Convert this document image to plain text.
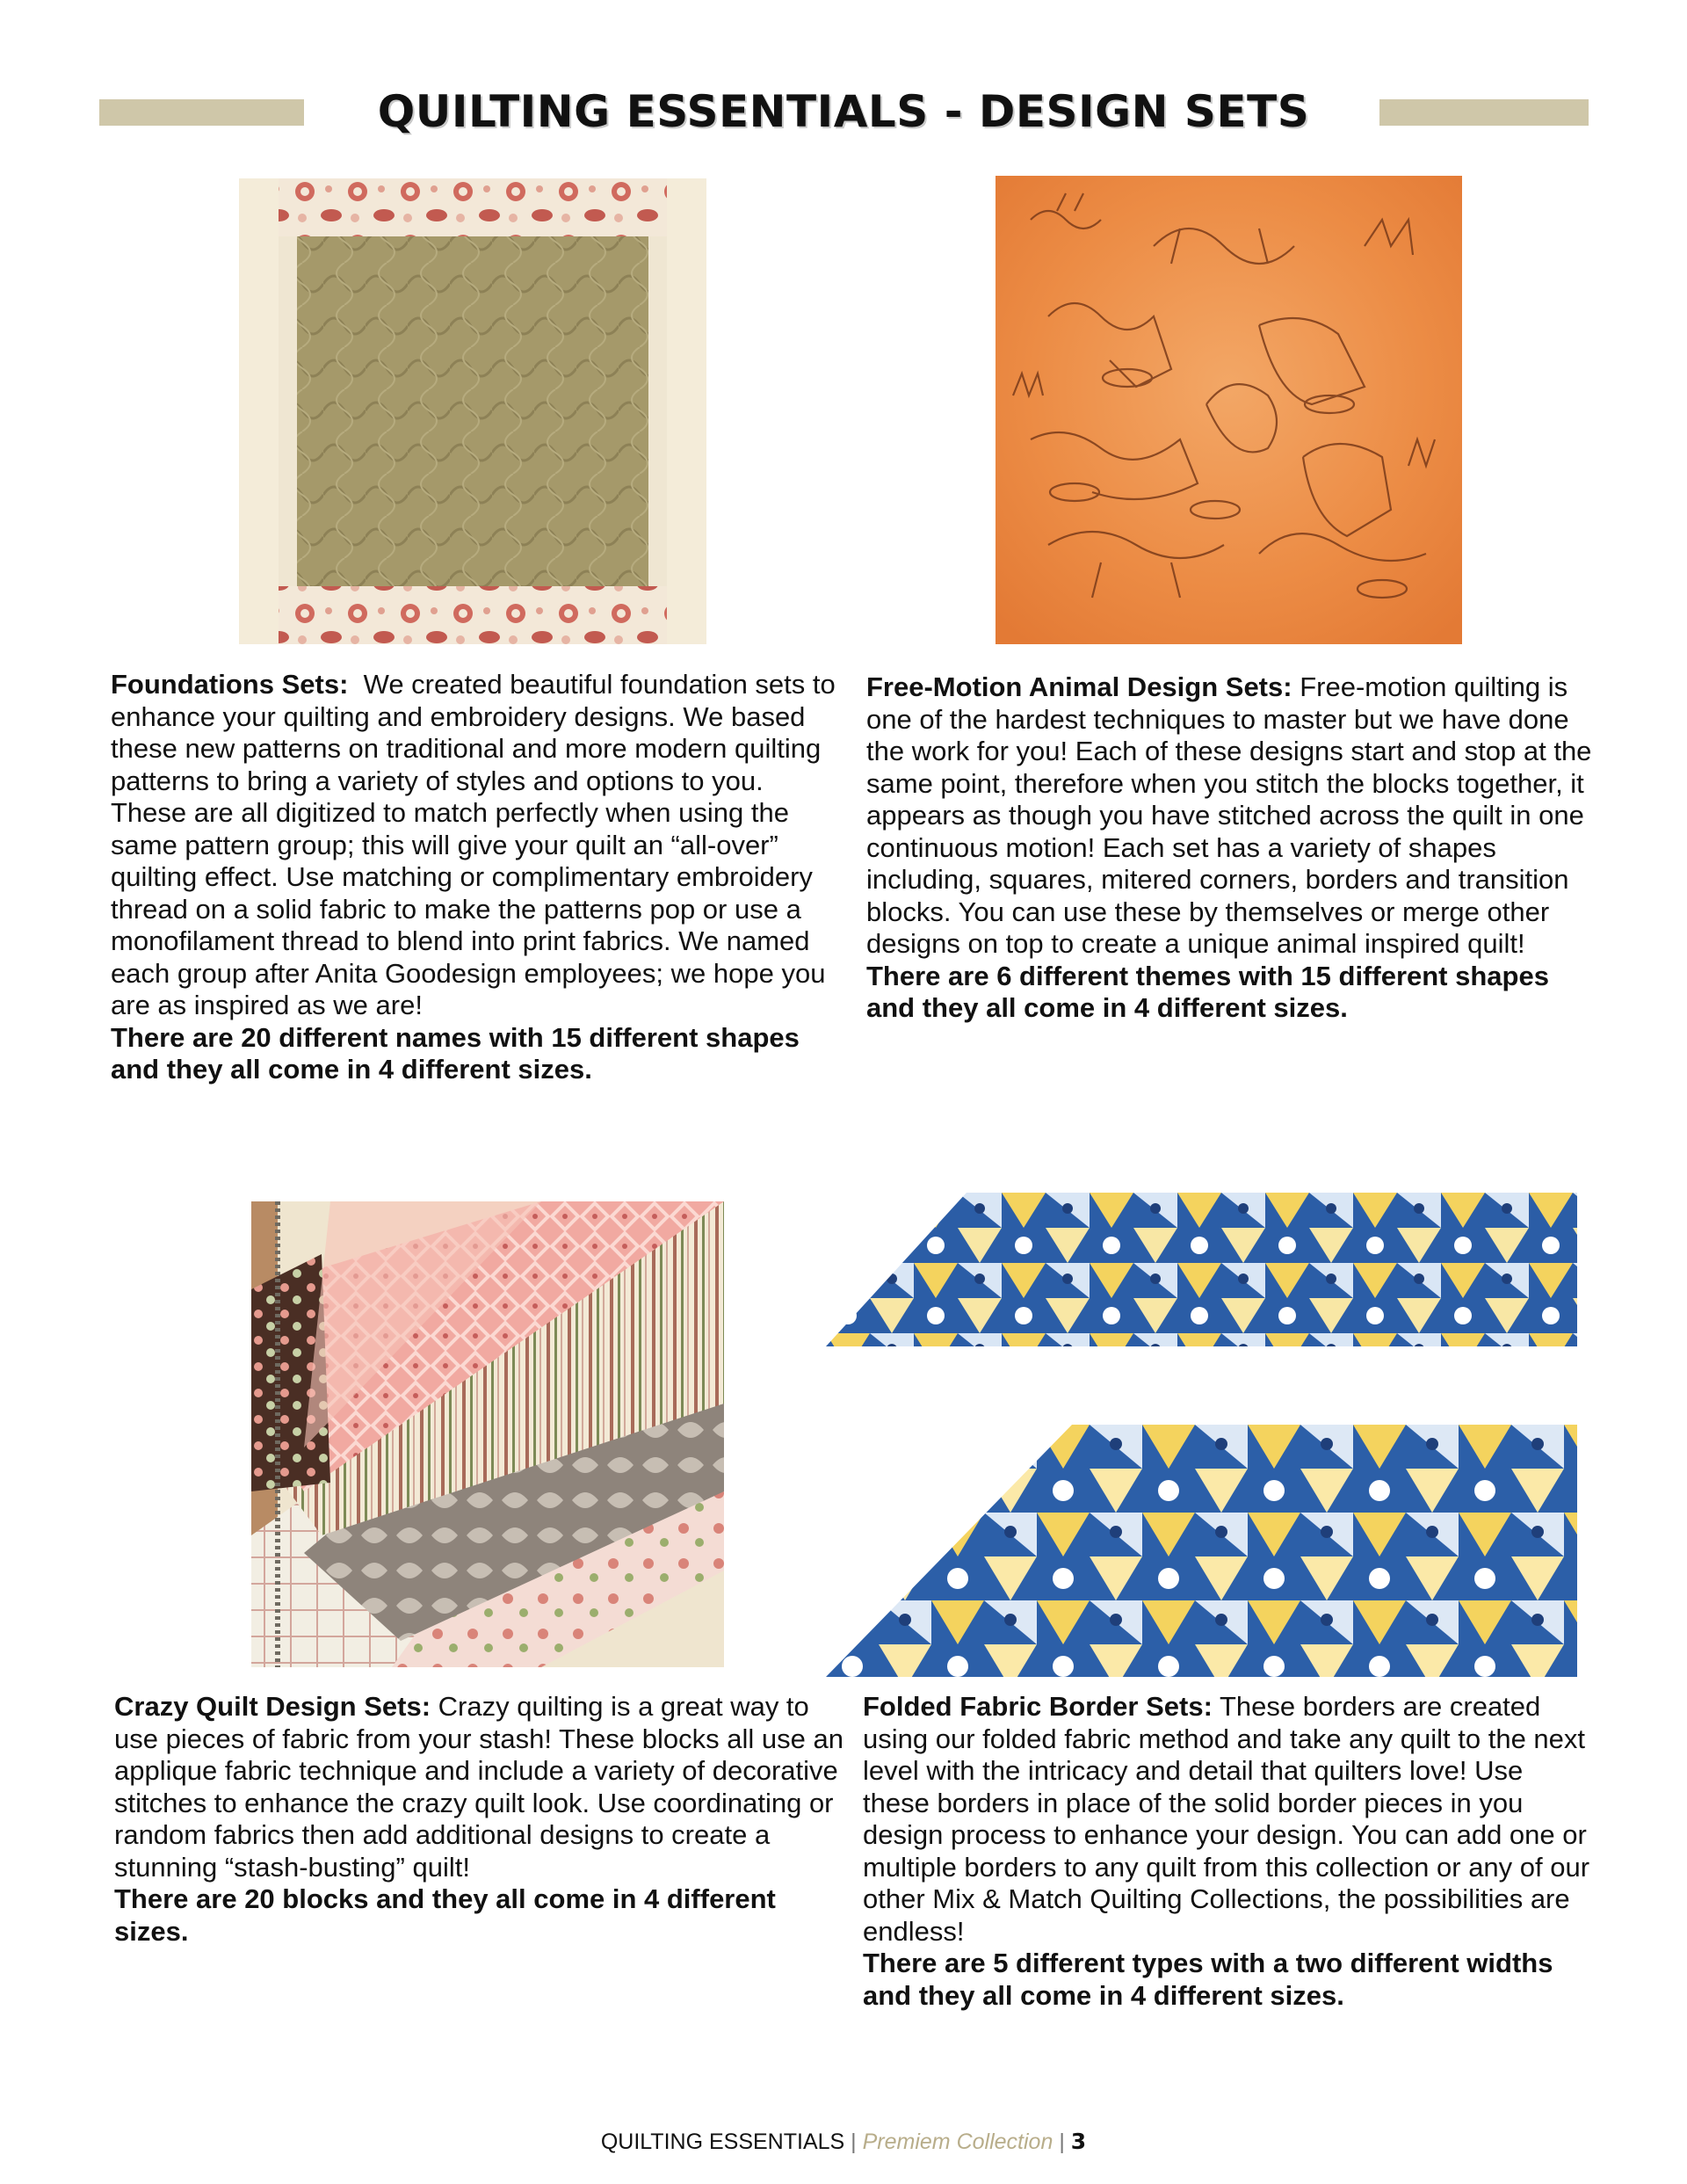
QUILTING ESSENTIALS - DESIGN SETS

Foundations Sets: We created beautiful foundation sets to enhance your quilting and embroidery designs. We based these new patterns on traditional and more modern quilting patterns to bring a variety of styles and options to you. These are all digitized to match perfectly when using the same pattern group; this will give your quilt an “all-over” quilting effect. Use matching or complimentary embroidery thread on a solid fabric to make the patterns pop or use a monofilament thread to blend into print fabrics. We named each group after Anita Goodesign employees; we hope you are as inspired as we are!

There are 20 different names with 15 different shapes and they all come in 4 different sizes.

Free-Motion Animal Design Sets: Free-motion quilting is one of the hardest techniques to master but we have done the work for you! Each of these designs start and stop at the same point, therefore when you stitch the blocks together, it appears as though you have stitched across the quilt in one continuous motion! Each set has a variety of shapes including, squares, mitered corners, borders and transition blocks. You can use these by themselves or merge other designs on top to create a unique animal inspired quilt!

There are 6 different themes with 15 different shapes and they all come in 4 different sizes.

Crazy Quilt Design Sets: Crazy quilting is a great way to use pieces of fabric from your stash! These blocks all use an applique fabric technique and include a variety of decorative stitches to enhance the crazy quilt look. Use coordinating or random fabrics then add additional designs to create a stunning “stash-busting” quilt!

There are 20 blocks and they all come in 4 different sizes.

Folded Fabric Border Sets: These borders are created using our folded fabric method and take any quilt to the next level with the intricacy and detail that quilters love! Use these borders in place of the solid border pieces in you design process to enhance your design. You can add one or multiple borders to any quilt from this collection or any of our other Mix & Match Quilting Collections, the possibilities are endless!

There are 5 different types with a two different widths and they all come in 4 different sizes.

QUILTING ESSENTIALS | Premiem Collection | 3
